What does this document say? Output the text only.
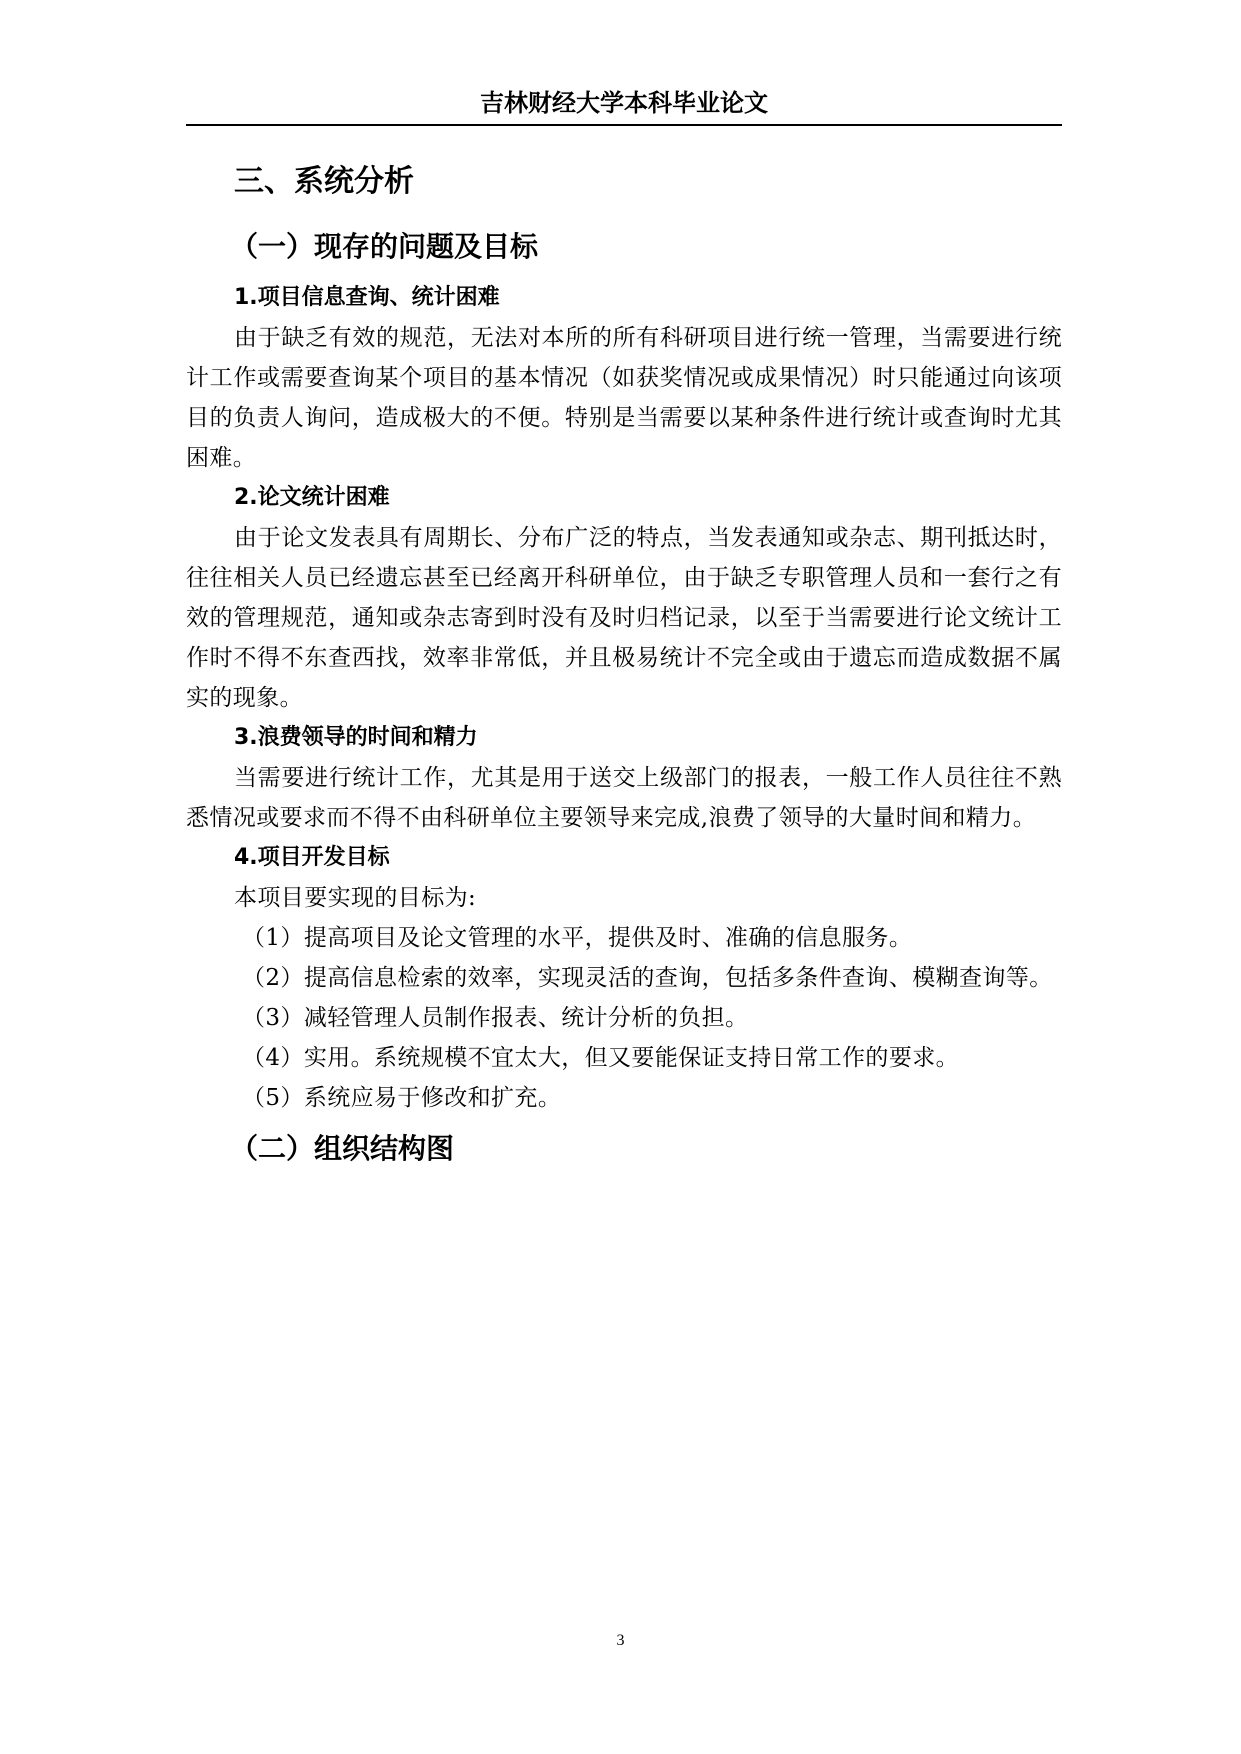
吉林财经大学本科毕业论文
三、系统分析
（一）现存的问题及目标
1.项目信息查询、统计困难

由于缺乏有效的规范，无法对本所的所有科研项目进行统一管理，当需要进行统计工作或需要查询某个项目的基本情况（如获奖情况或成果情况）时只能通过向该项目的负责人询问，造成极大的不便。特别是当需要以某种条件进行统计或查询时尤其困难。

2.论文统计困难

由于论文发表具有周期长、分布广泛的特点，当发表通知或杂志、期刊抵达时，往往相关人员已经遗忘甚至已经离开科研单位，由于缺乏专职管理人员和一套行之有效的管理规范，通知或杂志寄到时没有及时归档记录，以至于当需要进行论文统计工作时不得不东查西找，效率非常低，并且极易统计不完全或由于遗忘而造成数据不属实的现象。

3.浪费领导的时间和精力

当需要进行统计工作，尤其是用于送交上级部门的报表，一般工作人员往往不熟悉情况或要求而不得不由科研单位主要领导来完成,浪费了领导的大量时间和精力。

4.项目开发目标

本项目要实现的目标为:

（1）提高项目及论文管理的水平，提供及时、准确的信息服务。

（2）提高信息检索的效率，实现灵活的查询，包括多条件查询、模糊查询等。

（3）减轻管理人员制作报表、统计分析的负担。

（4）实用。系统规模不宜太大，但又要能保证支持日常工作的要求。

（5）系统应易于修改和扩充。

（二）组织结构图
3
